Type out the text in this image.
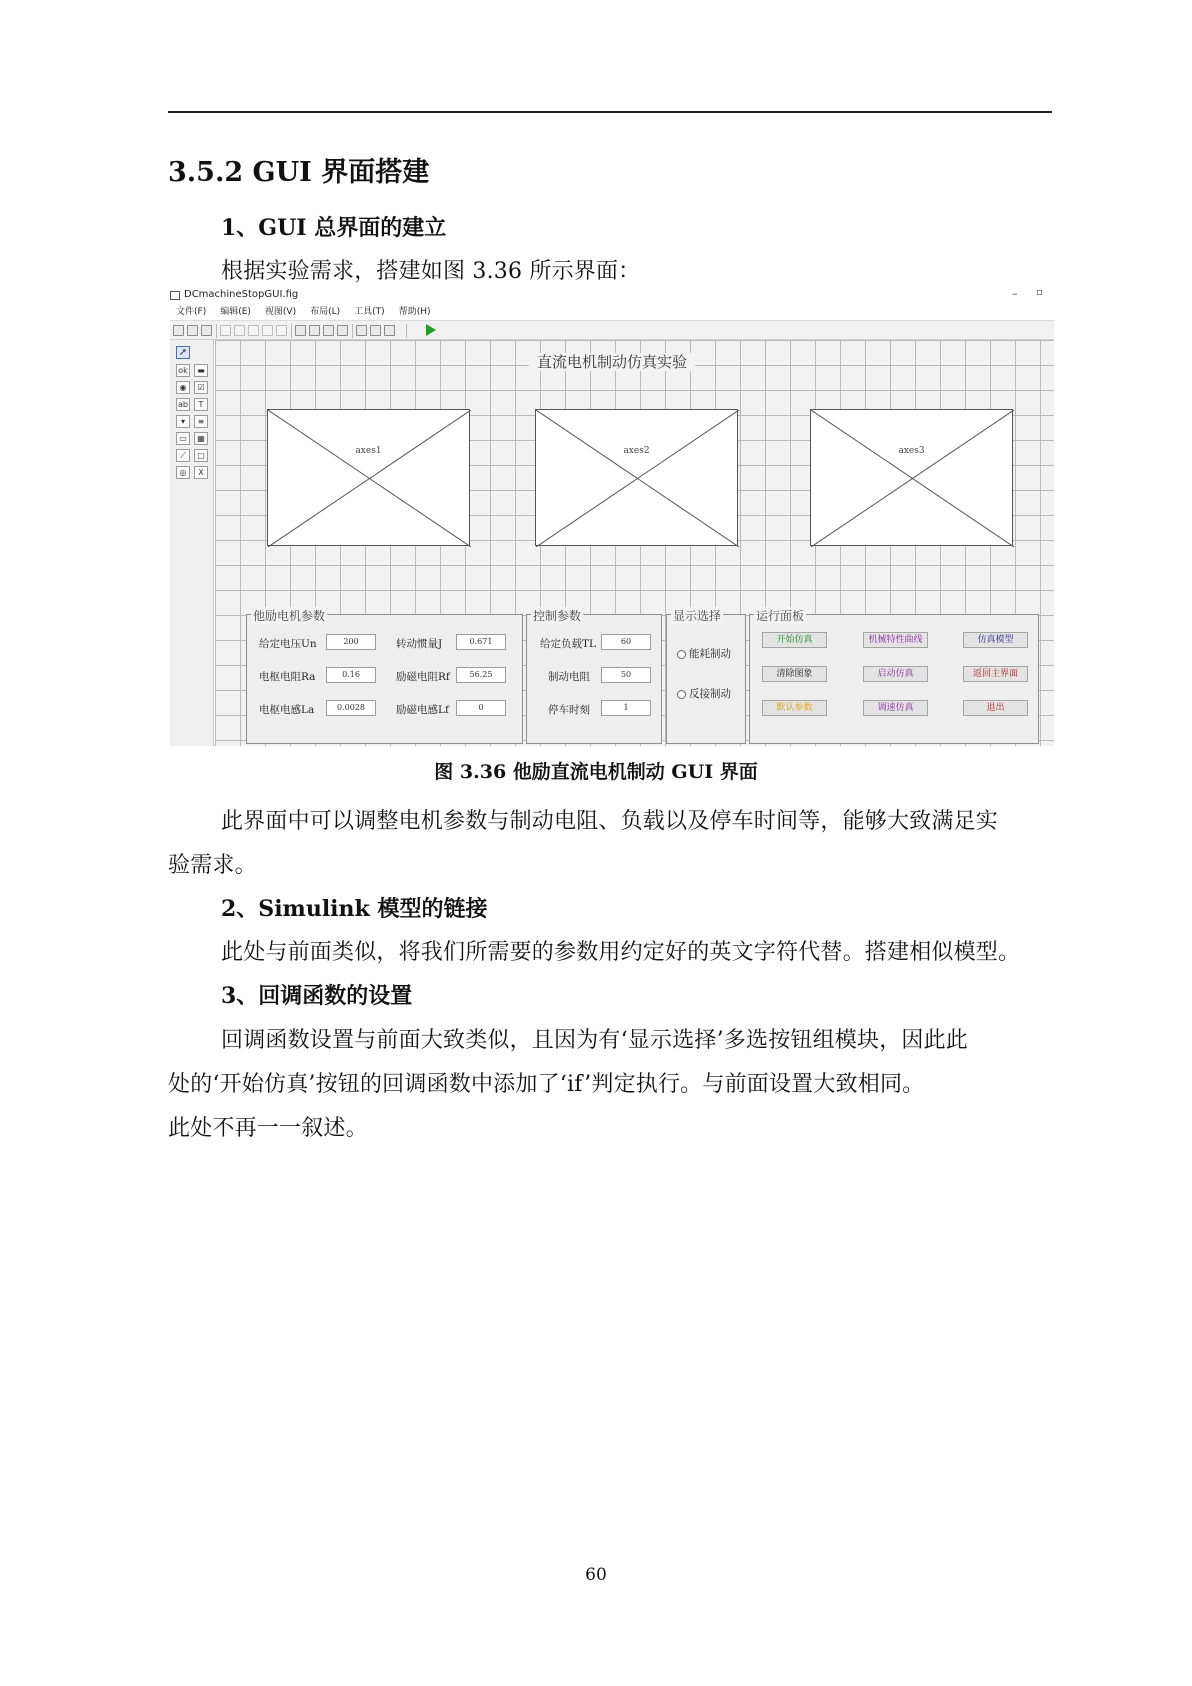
3.5.2 GUI 界面搭建
1、GUI 总界面的建立
根据实验需求，搭建如图 3.36 所示界面：
DCmachineStopGUI.fig	– ▫
文件(F) 编辑(E) 视图(V) 布局(L) 工具(T) 帮助(H)
➚
ok	▬
◉	☑
ab	T
▾	≡
▭	▦
⟋	▢
◎	X
直流电机制动仿真实验
axes1	axes2	axes3
他励电机参数
给定电压Un	200	转动惯量J	0.671
电枢电阻Ra	0.16	励磁电阻Rf	56.25
电枢电感La	0.0028	励磁电感Lf	0
控制参数
给定负载TL	60
制动电阻	50
停车时刻	1
显示选择
能耗制动
反接制动
运行面板
开始仿真	机械特性曲线	仿真模型
清除图象	启动仿真	返回主界面
默认参数	调速仿真	退出
图 3.36 他励直流电机制动 GUI 界面
此界面中可以调整电机参数与制动电阻、负载以及停车时间等，能够大致满足实
验需求。
2、Simulink 模型的链接
此处与前面类似，将我们所需要的参数用约定好的英文字符代替。搭建相似模型。
3、回调函数的设置
回调函数设置与前面大致类似，且因为有‘显示选择’多选按钮组模块，因此此
处的‘开始仿真’按钮的回调函数中添加了‘if’判定执行。与前面设置大致相同。
此处不再一一叙述。
60
